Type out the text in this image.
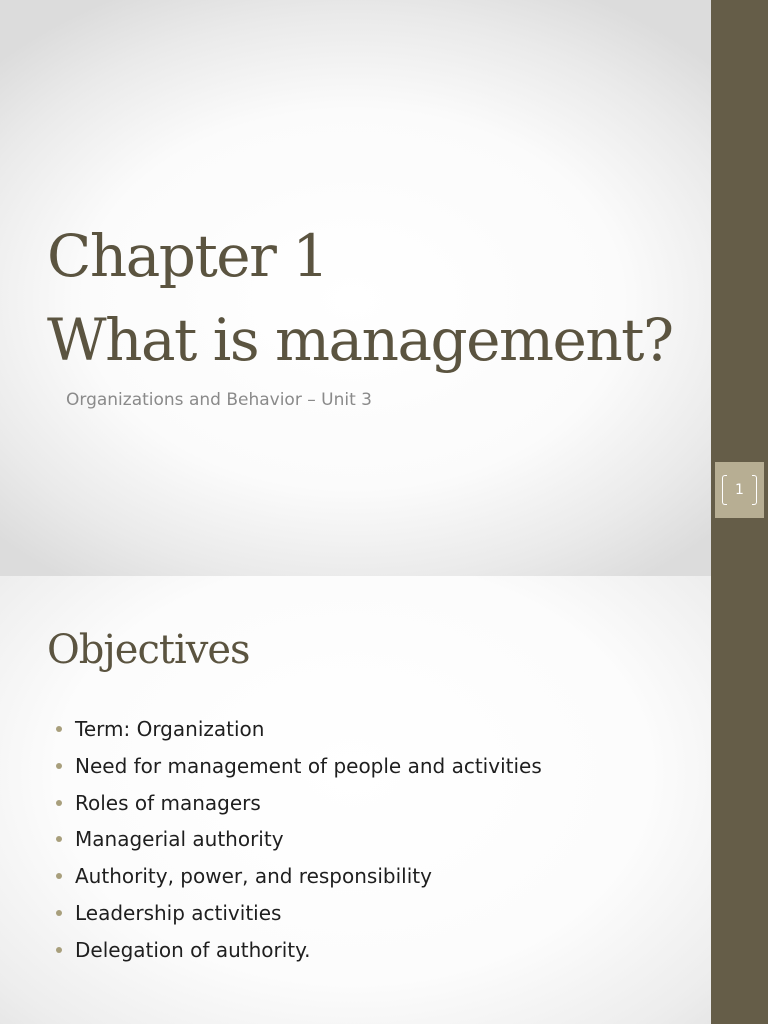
Chapter 1
What is management?
Organizations and Behavior – Unit 3
1
Objectives
Term: Organization
Need for management of people and activities
Roles of managers
Managerial authority
Authority, power, and responsibility
Leadership activities
Delegation of authority.
